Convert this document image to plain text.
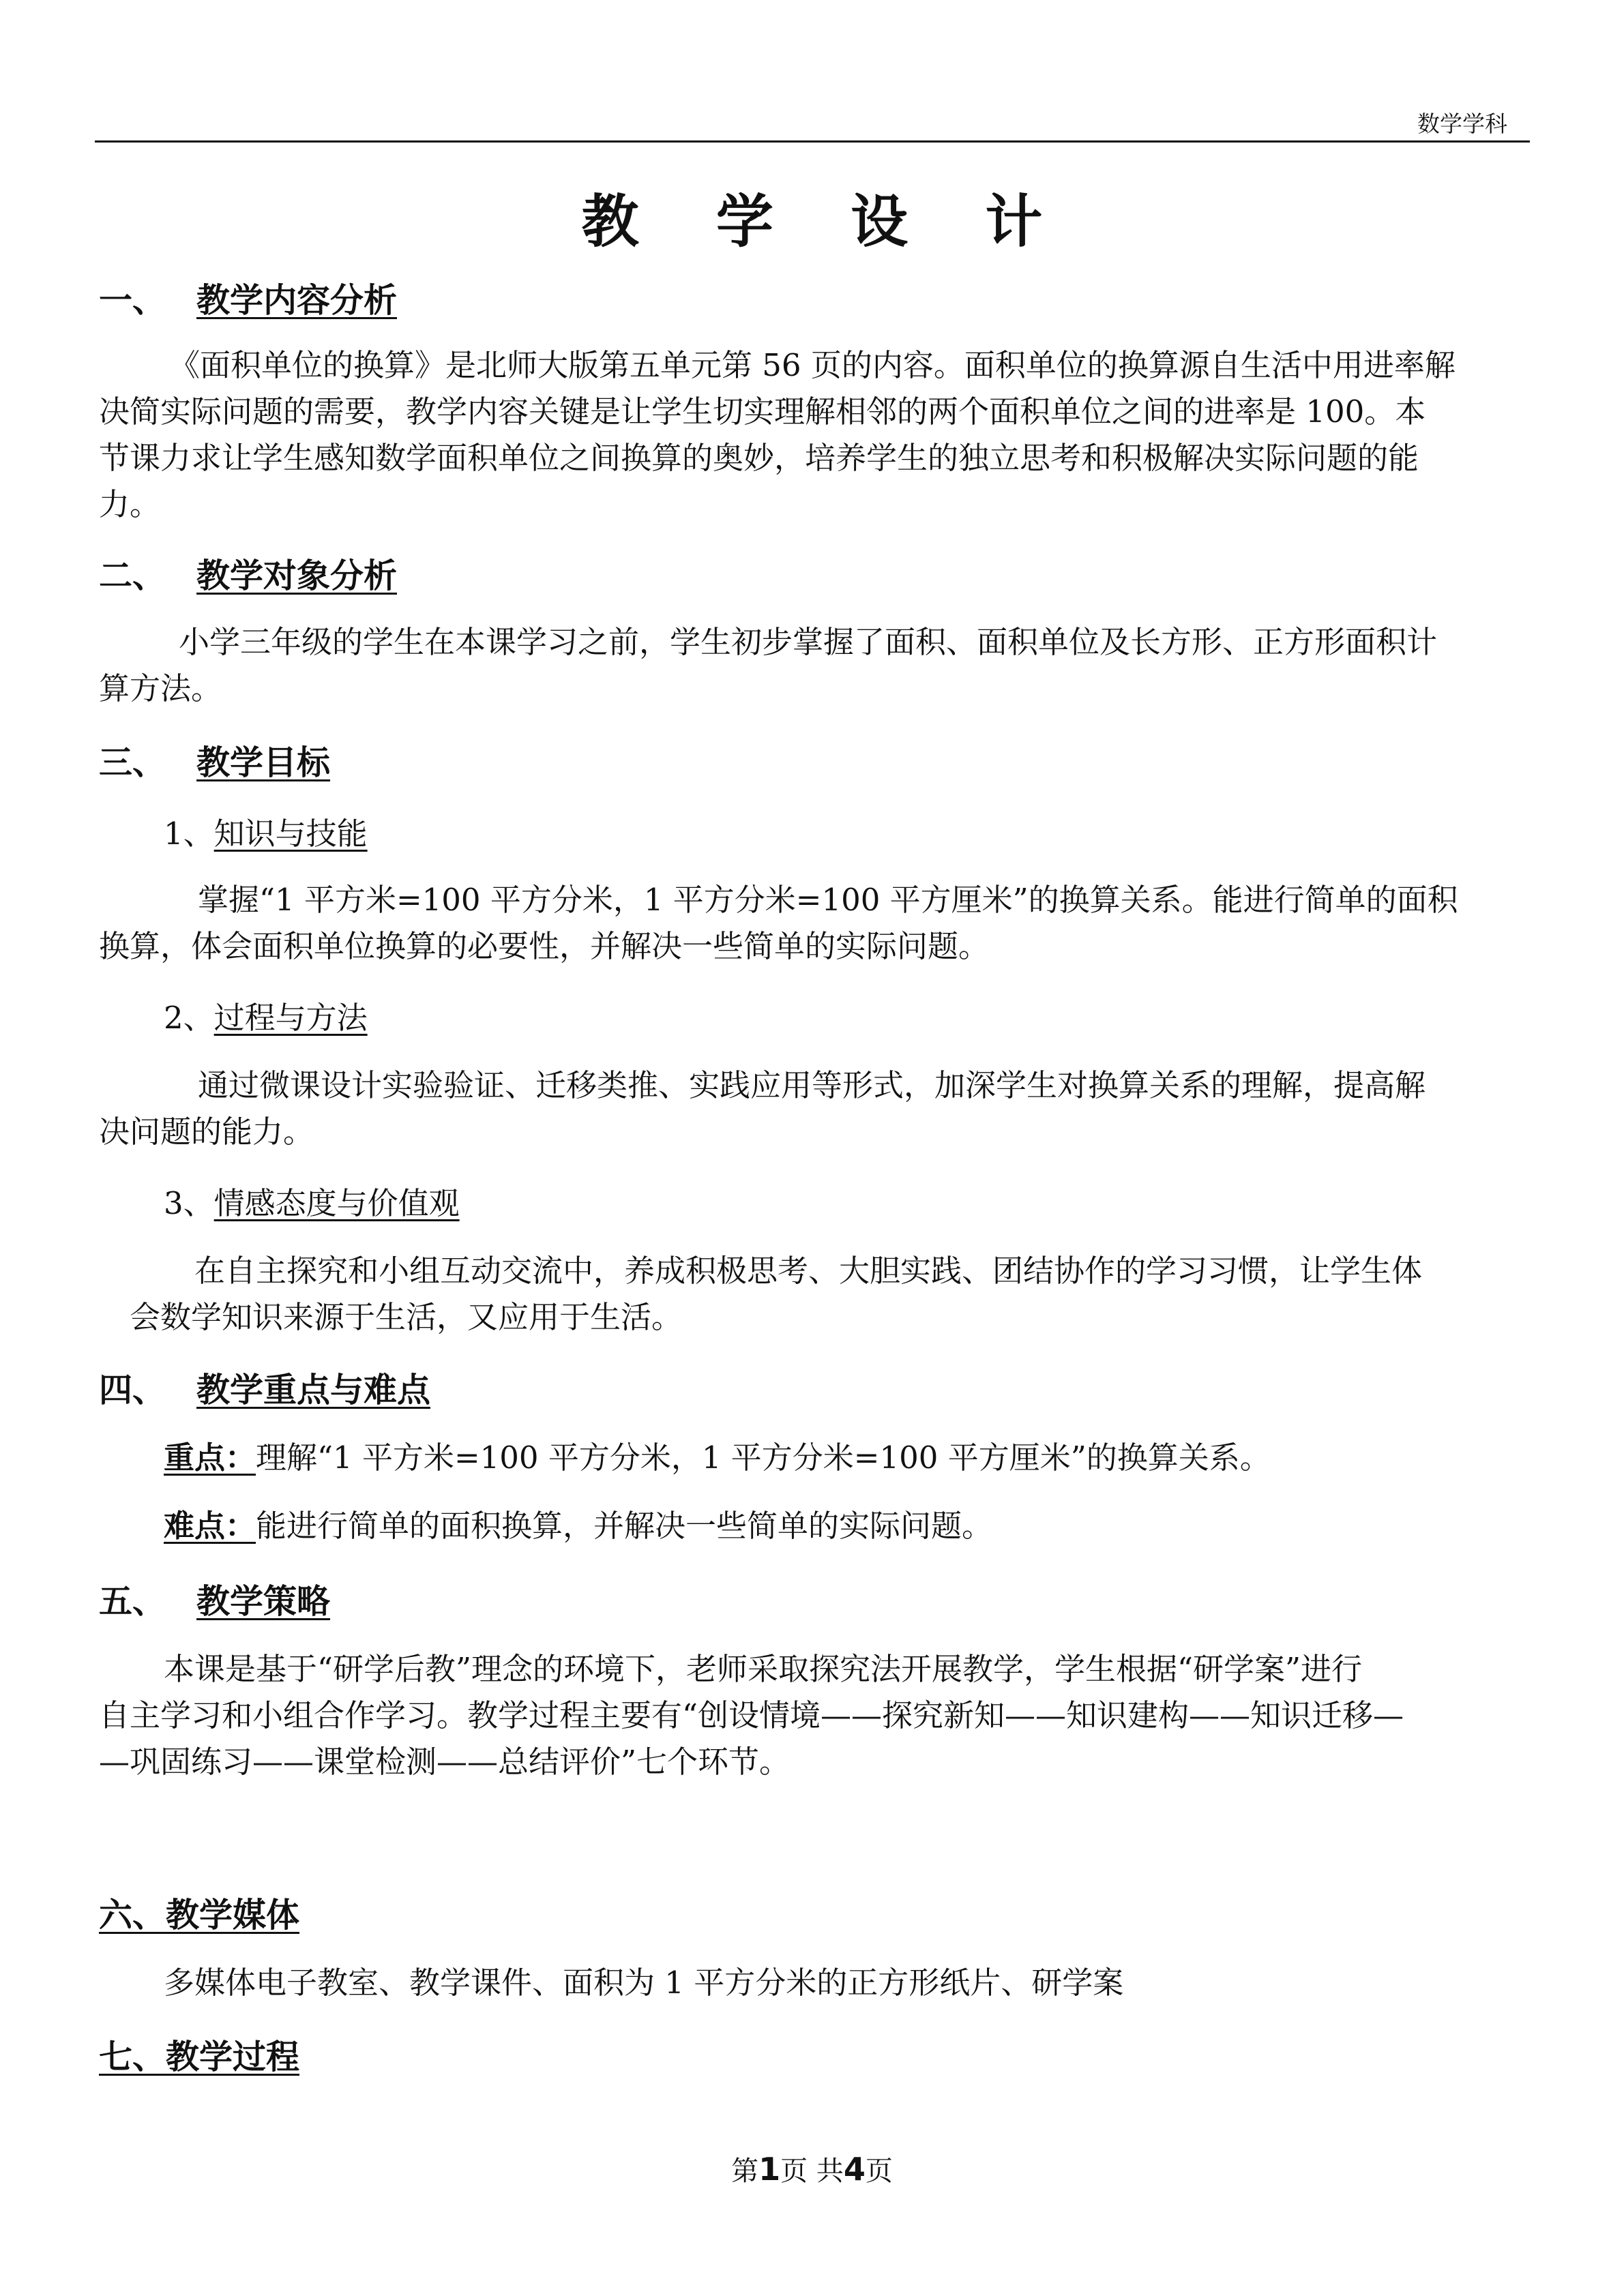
数学学科
教 学 设 计
一、 教学内容分析
《面积单位的换算》是北师大版第五单元第 56 页的内容。面积单位的换算源自生活中用进率解
决简实际问题的需要，教学内容关键是让学生切实理解相邻的两个面积单位之间的进率是 100。本
节课力求让学生感知数学面积单位之间换算的奥妙，培养学生的独立思考和积极解决实际问题的能
力。
二、 教学对象分析
小学三年级的学生在本课学习之前，学生初步掌握了面积、面积单位及长方形、正方形面积计
算方法。
三、 教学目标
1、知识与技能
掌握“1 平方米=100 平方分米，1 平方分米=100 平方厘米”的换算关系。能进行简单的面积
换算，体会面积单位换算的必要性，并解决一些简单的实际问题。
2、过程与方法
通过微课设计实验验证、迁移类推、实践应用等形式，加深学生对换算关系的理解，提高解
决问题的能力。
3、情感态度与价值观
在自主探究和小组互动交流中，养成积极思考、大胆实践、团结协作的学习习惯，让学生体
会数学知识来源于生活，又应用于生活。
四、 教学重点与难点
重点：理解“1 平方米=100 平方分米，1 平方分米=100 平方厘米”的换算关系。
难点：能进行简单的面积换算，并解决一些简单的实际问题。
五、 教学策略
本课是基于“研学后教”理念的环境下，老师采取探究法开展教学，学生根据“研学案”进行
自主学习和小组合作学习。教学过程主要有“创设情境——探究新知——知识建构——知识迁移—
—巩固练习——课堂检测——总结评价”七个环节。
六、教学媒体
多媒体电子教室、教学课件、面积为 1 平方分米的正方形纸片、研学案
七、教学过程
第1页 共4页
